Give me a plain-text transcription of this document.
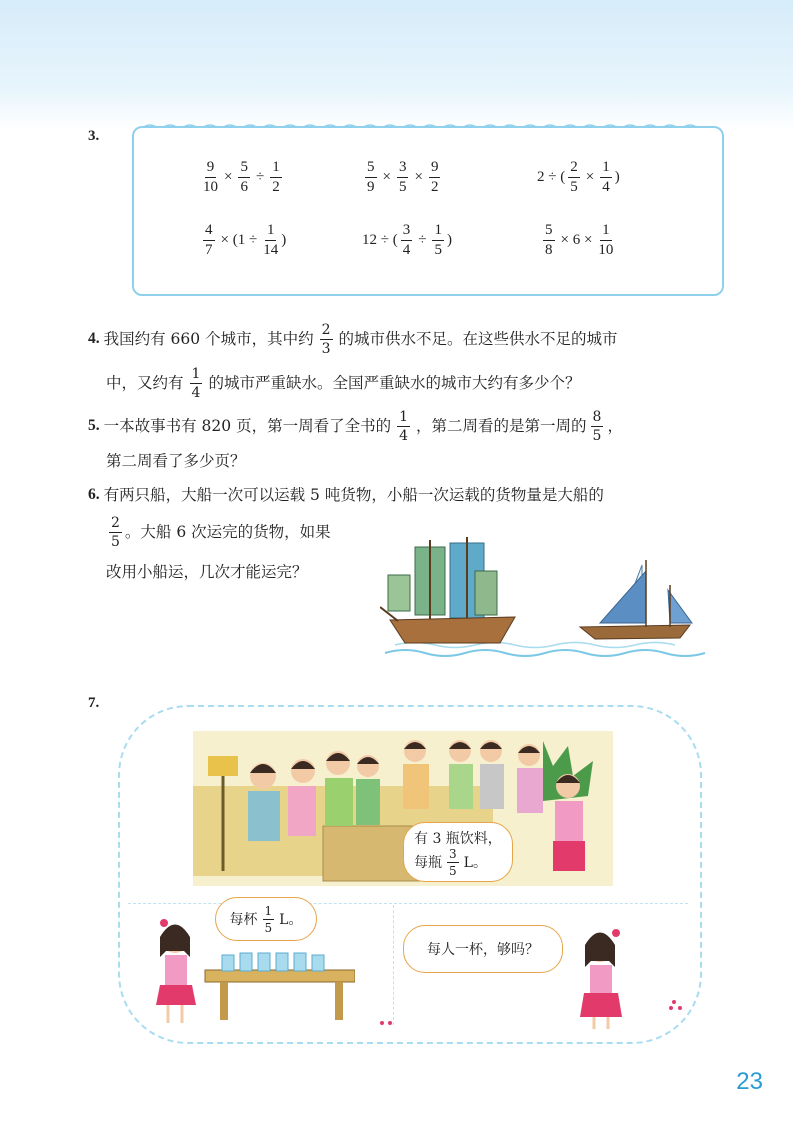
3.
$\frac{9}{10} \times \frac{5}{6} \div \frac{1}{2}$	$\frac{5}{9} \times \frac{3}{5} \times \frac{9}{2}$	2 ÷ ( $\frac{2}{5} \times \frac{1}{4}$ )
$\frac{4}{7} \times (1 \div \frac{1}{14}$ )	12 ÷ ( $\frac{3}{4} \div \frac{1}{5}$ )	$\frac{5}{8} \times 6 \times \frac{1}{10}$
4. 我国约有 660 个城市，其中约 $\frac{2}{3}$ 的城市供水不足。在这些供水不足的城市
中，又约有 $\frac{1}{4}$ 的城市严重缺水。全国严重缺水的城市大约有多少个？
5. 一本故事书有 820 页，第一周看了全书的 $\frac{1}{4}$ ，第二周看的是第一周的 $\frac{8}{5}$ ，
第二周看了多少页？
6. 有两只船，大船一次可以运载 5 吨货物，小船一次运载的货物量是大船的
$\frac{2}{5}$ 。大船 6 次运完的货物，如果
改用小船运，几次才能运完？
7.
有 3 瓶饮料，
每瓶 $\frac{3}{5}$ L。
每杯 $\frac{1}{5}$ L。
每人一杯，够吗？
23
